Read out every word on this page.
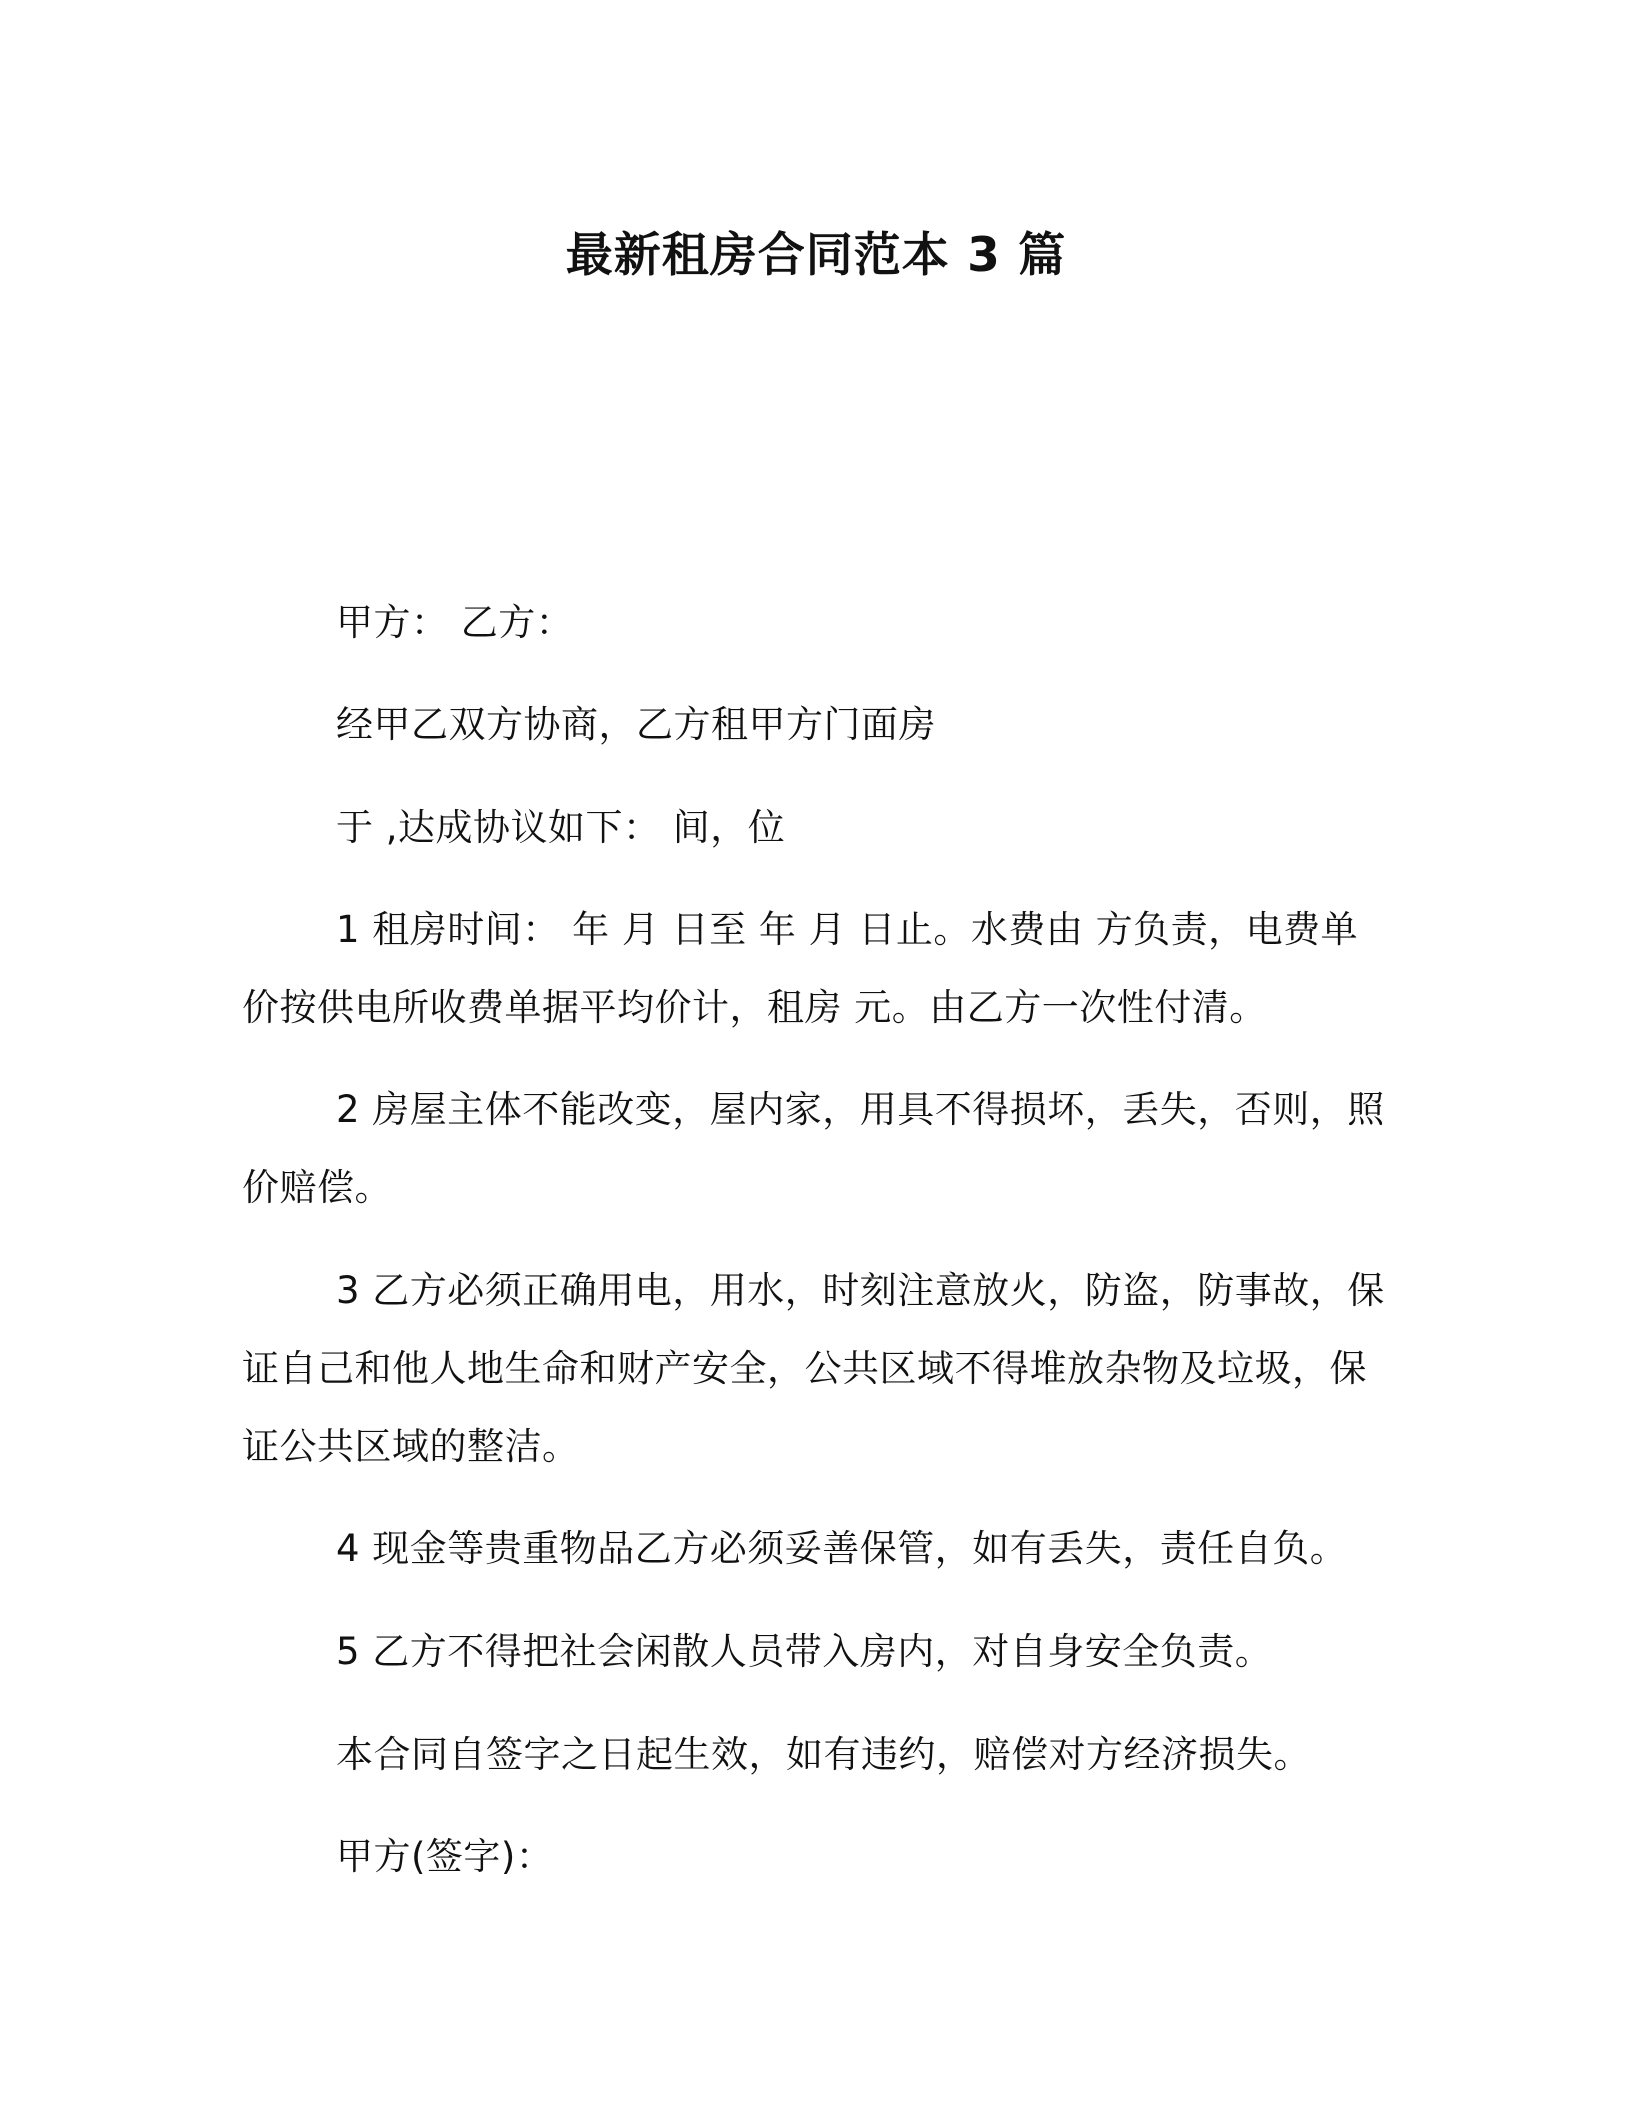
最新租房合同范本 3 篇

甲方： 乙方：

经甲乙双方协商，乙方租甲方门面房

于 ,达成协议如下： 间，位

1 租房时间： 年 月 日至 年 月 日止。水费由 方负责，电费单价按供电所收费单据平均价计，租房 元。由乙方一次性付清。

2 房屋主体不能改变，屋内家，用具不得损坏，丢失，否则，照价赔偿。

3 乙方必须正确用电，用水，时刻注意放火，防盗，防事故，保证自己和他人地生命和财产安全，公共区域不得堆放杂物及垃圾，保证公共区域的整洁。

4 现金等贵重物品乙方必须妥善保管，如有丢失，责任自负。

5 乙方不得把社会闲散人员带入房内，对自身安全负责。

本合同自签字之日起生效，如有违约，赔偿对方经济损失。

甲方(签字)：
